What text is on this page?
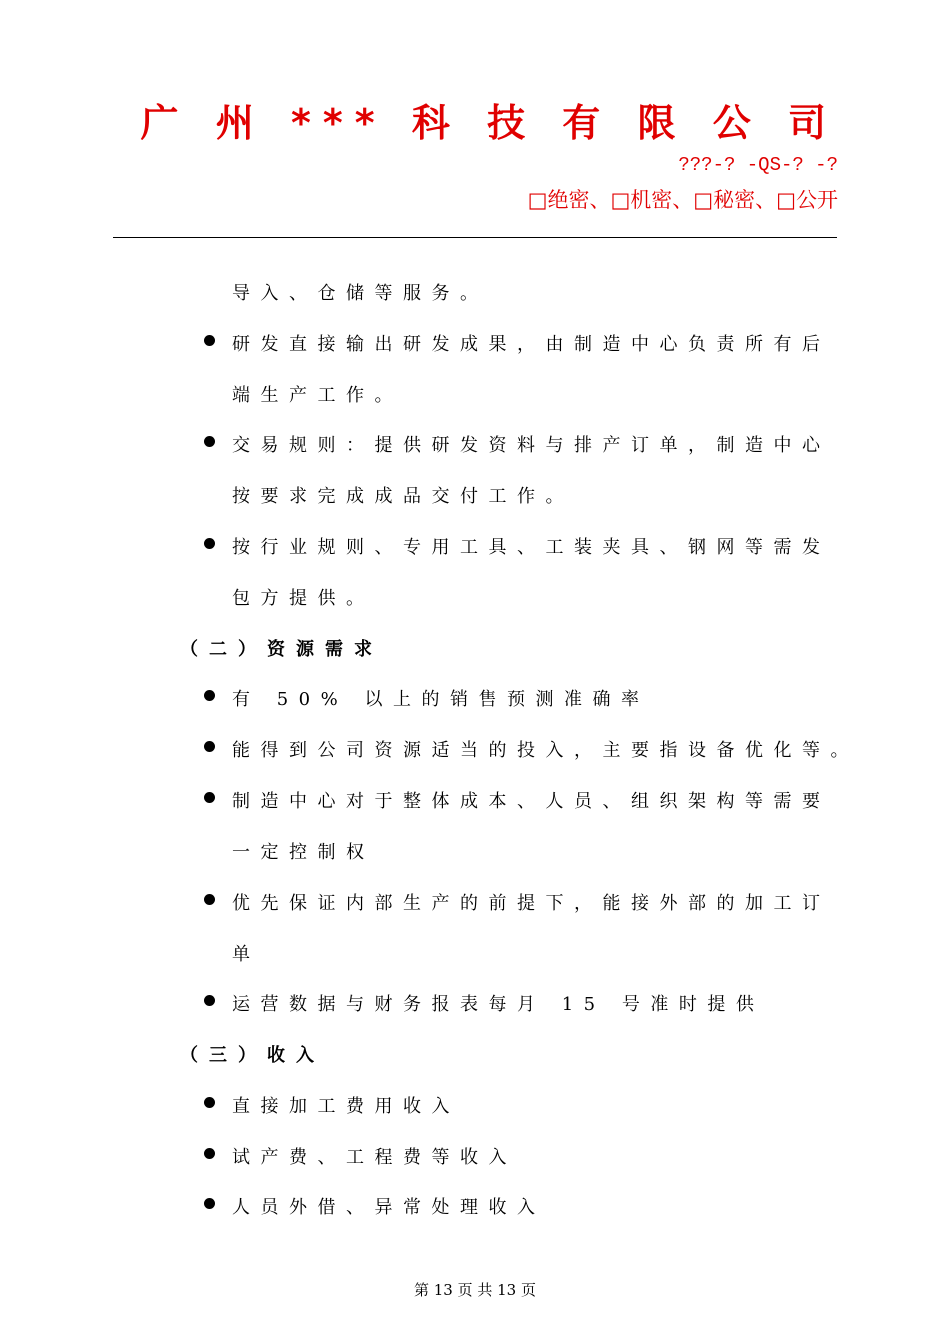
广 州 *** 科 技 有 限 公 司
???-? -QS-? -?
□绝密、□机密、□秘密、□公开
导入、仓储等服务。
研发直接输出研发成果，由制造中心负责所有后
端生产工作。
交易规则：提供研发资料与排产订单，制造中心
按要求完成成品交付工作。
按行业规则、专用工具、工装夹具、钢网等需发
包方提供。
（二）资源需求
有 50% 以上的销售预测准确率
能得到公司资源适当的投入，主要指设备优化等。
制造中心对于整体成本、人员、组织架构等需要
一定控制权
优先保证内部生产的前提下，能接外部的加工订
单
运营数据与财务报表每月 15 号准时提供
（三）收入
直接加工费用收入
试产费、工程费等收入
人员外借、异常处理收入
第 13 页 共 13 页
